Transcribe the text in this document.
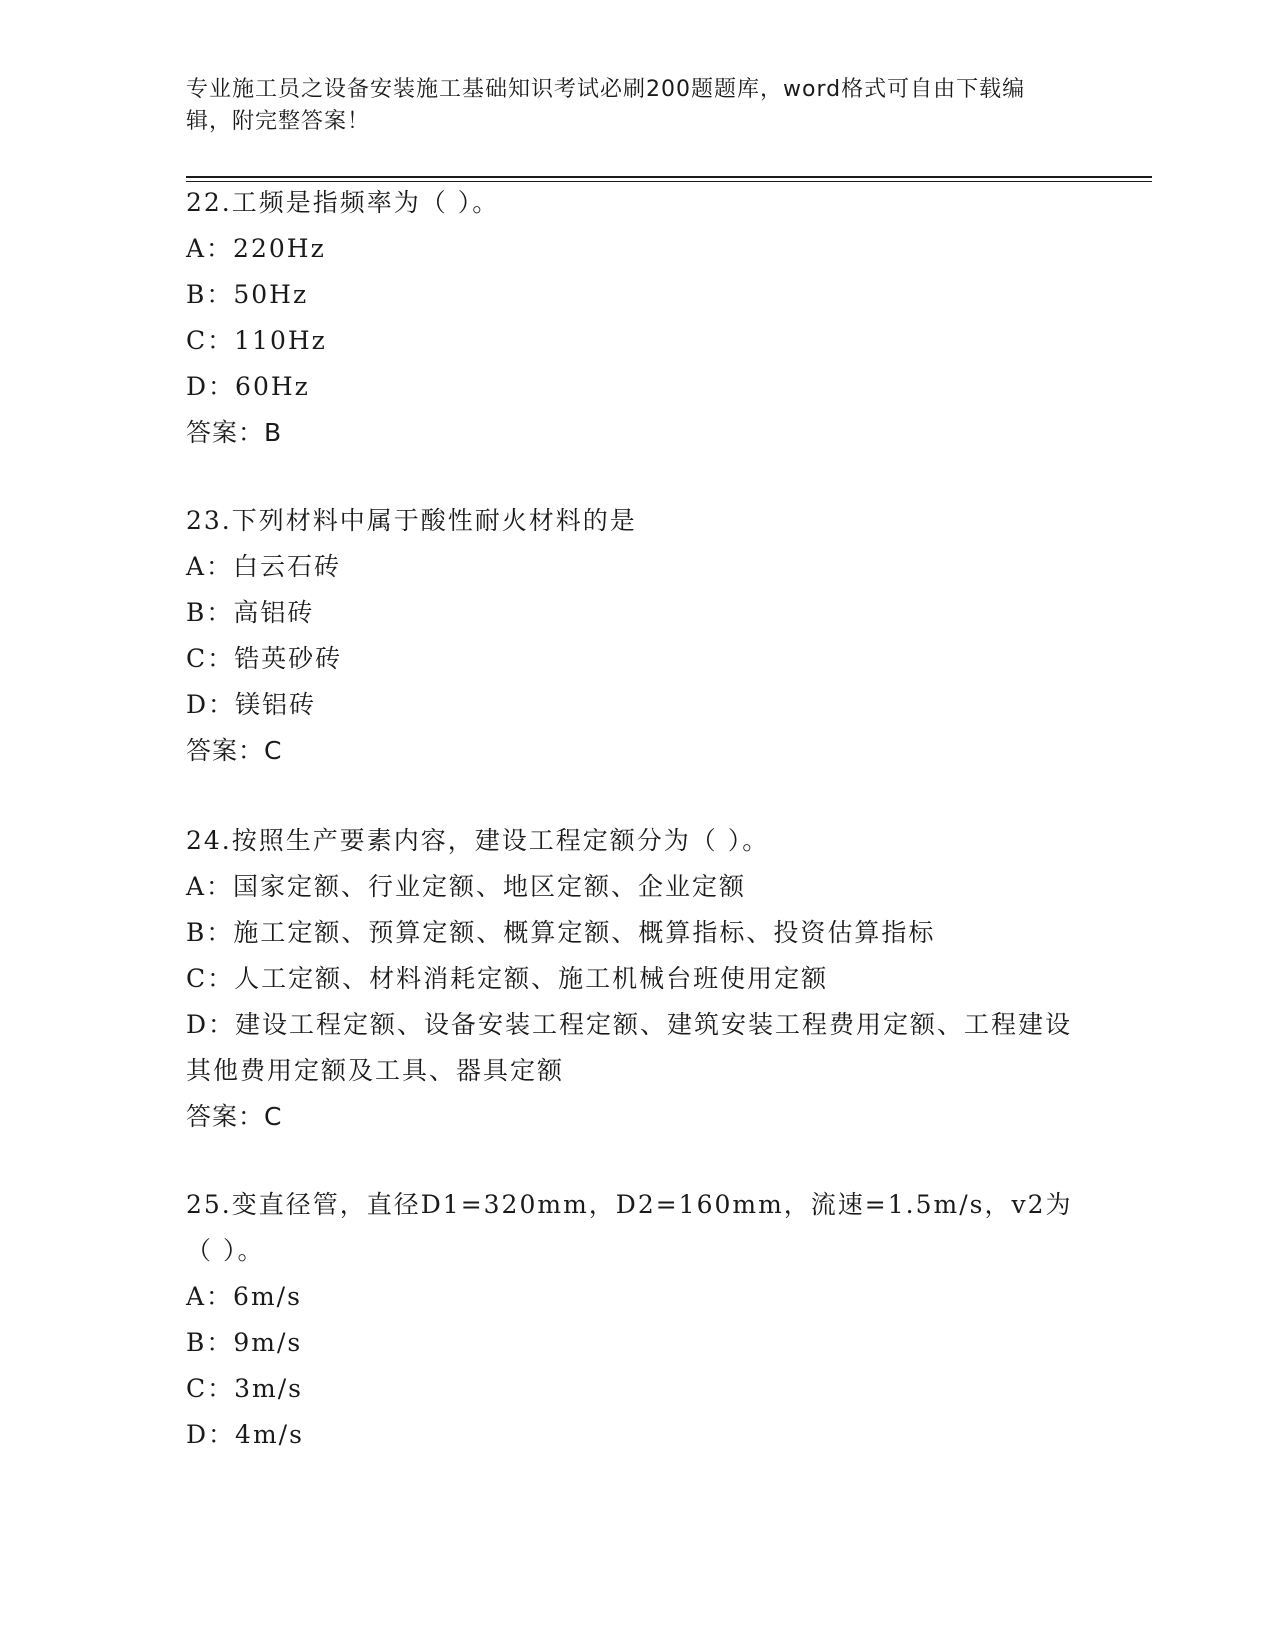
专业施工员之设备安装施工基础知识考试必刷200题题库，word格式可自由下载编辑，附完整答案！
22.工频是指频率为（ ）。
A：220Hz
B：50Hz
C：110Hz
D：60Hz
答案：B
23.下列材料中属于酸性耐火材料的是
A：白云石砖
B：高铝砖
C：锆英砂砖
D：镁铝砖
答案：C
24.按照生产要素内容，建设工程定额分为（ ）。
A：国家定额、行业定额、地区定额、企业定额
B：施工定额、预算定额、概算定额、概算指标、投资估算指标
C：人工定额、材料消耗定额、施工机械台班使用定额
D：建设工程定额、设备安装工程定额、建筑安装工程费用定额、工程建设其他费用定额及工具、器具定额
答案：C
25.变直径管，直径D1=320mm，D2=160mm，流速=1.5m/s，v2为（ ）。
A：6m/s
B：9m/s
C：3m/s
D：4m/s
